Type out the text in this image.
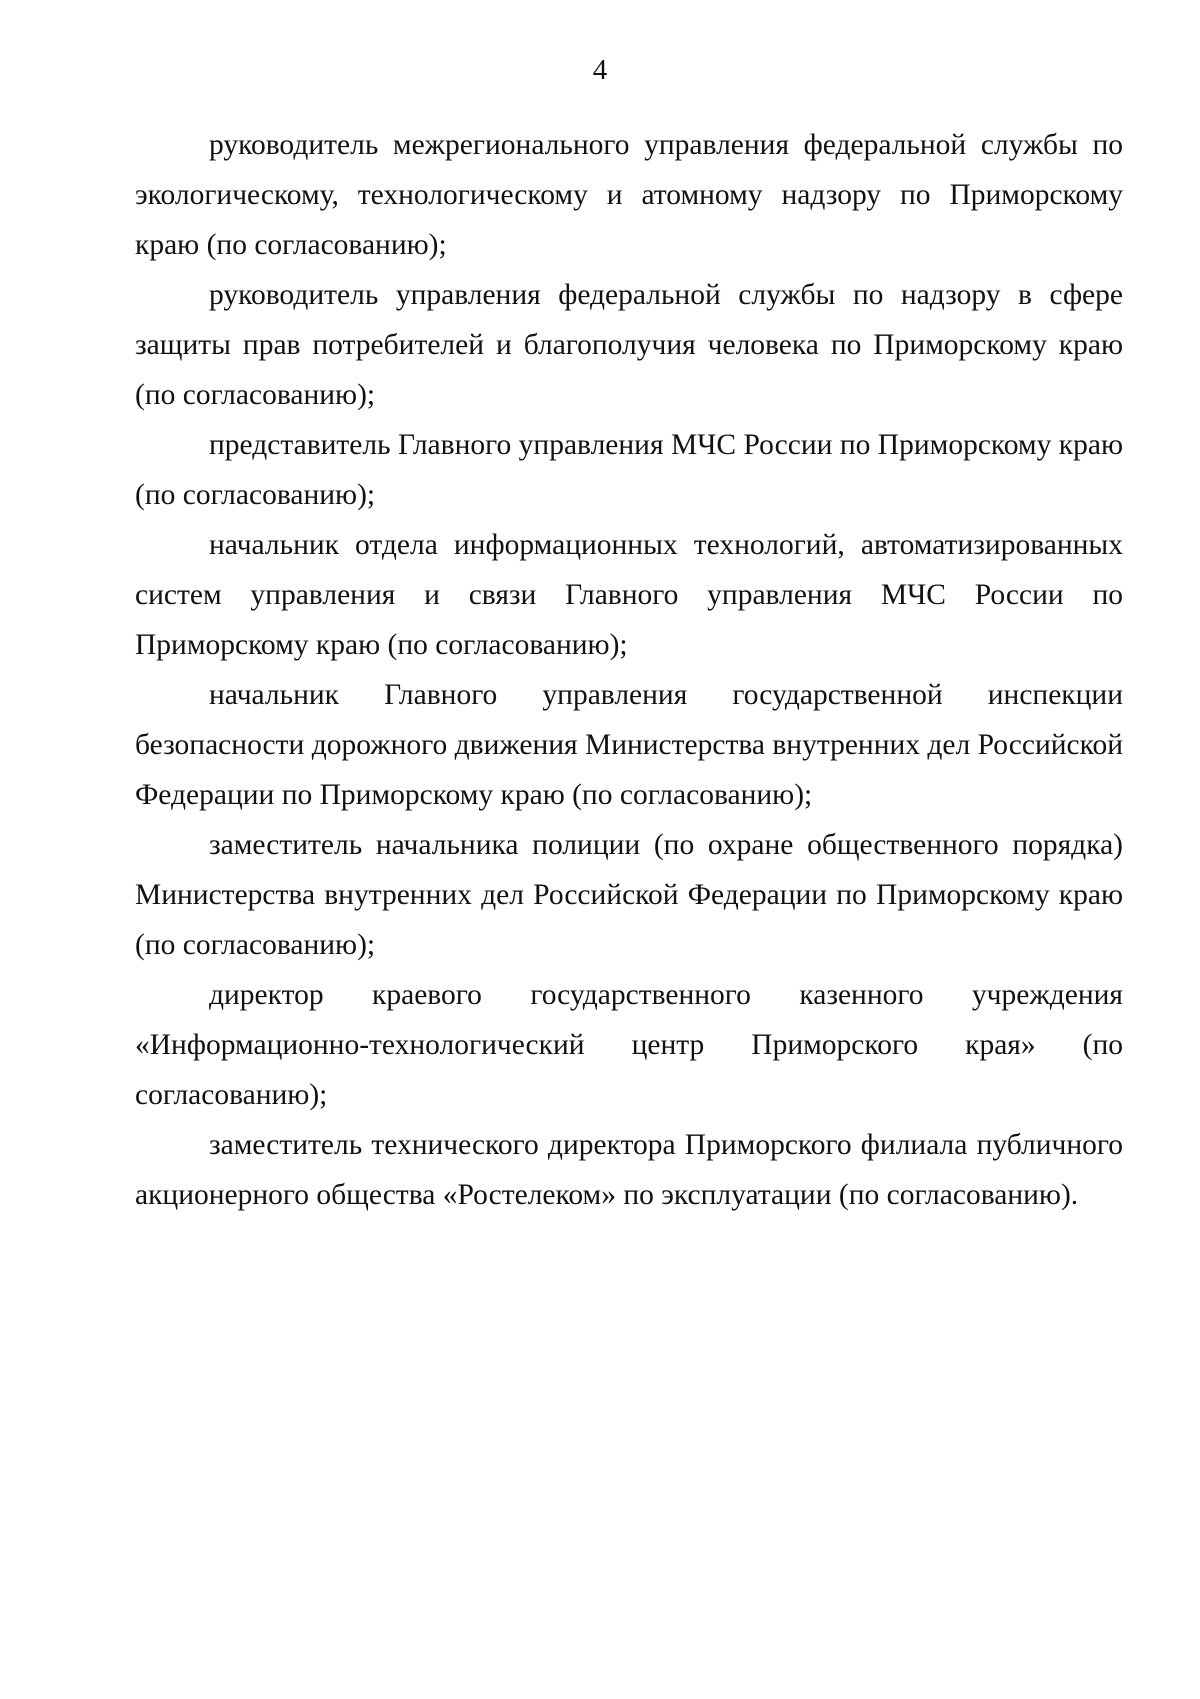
4

руководитель межрегионального управления федеральной службы по экологическому, технологическому и атомному надзору по Приморскому краю (по согласованию);

руководитель управления федеральной службы по надзору в сфере защиты прав потребителей и благополучия человека по Приморскому краю (по согласованию);

представитель Главного управления МЧС России по Приморскому краю (по согласованию);

начальник отдела информационных технологий, автоматизированных систем управления и связи Главного управления МЧС России по Приморскому краю (по согласованию);

начальник Главного управления государственной инспекции безопасности дорожного движения Министерства внутренних дел Российской Федерации по Приморскому краю (по согласованию);

заместитель начальника полиции (по охране общественного порядка) Министерства внутренних дел Российской Федерации по Приморскому краю (по согласованию);

директор краевого государственного казенного учреждения «Информационно-технологический центр Приморского края» (по согласованию);

заместитель технического директора Приморского филиала публичного акционерного общества «Ростелеком» по эксплуатации (по согласованию).
